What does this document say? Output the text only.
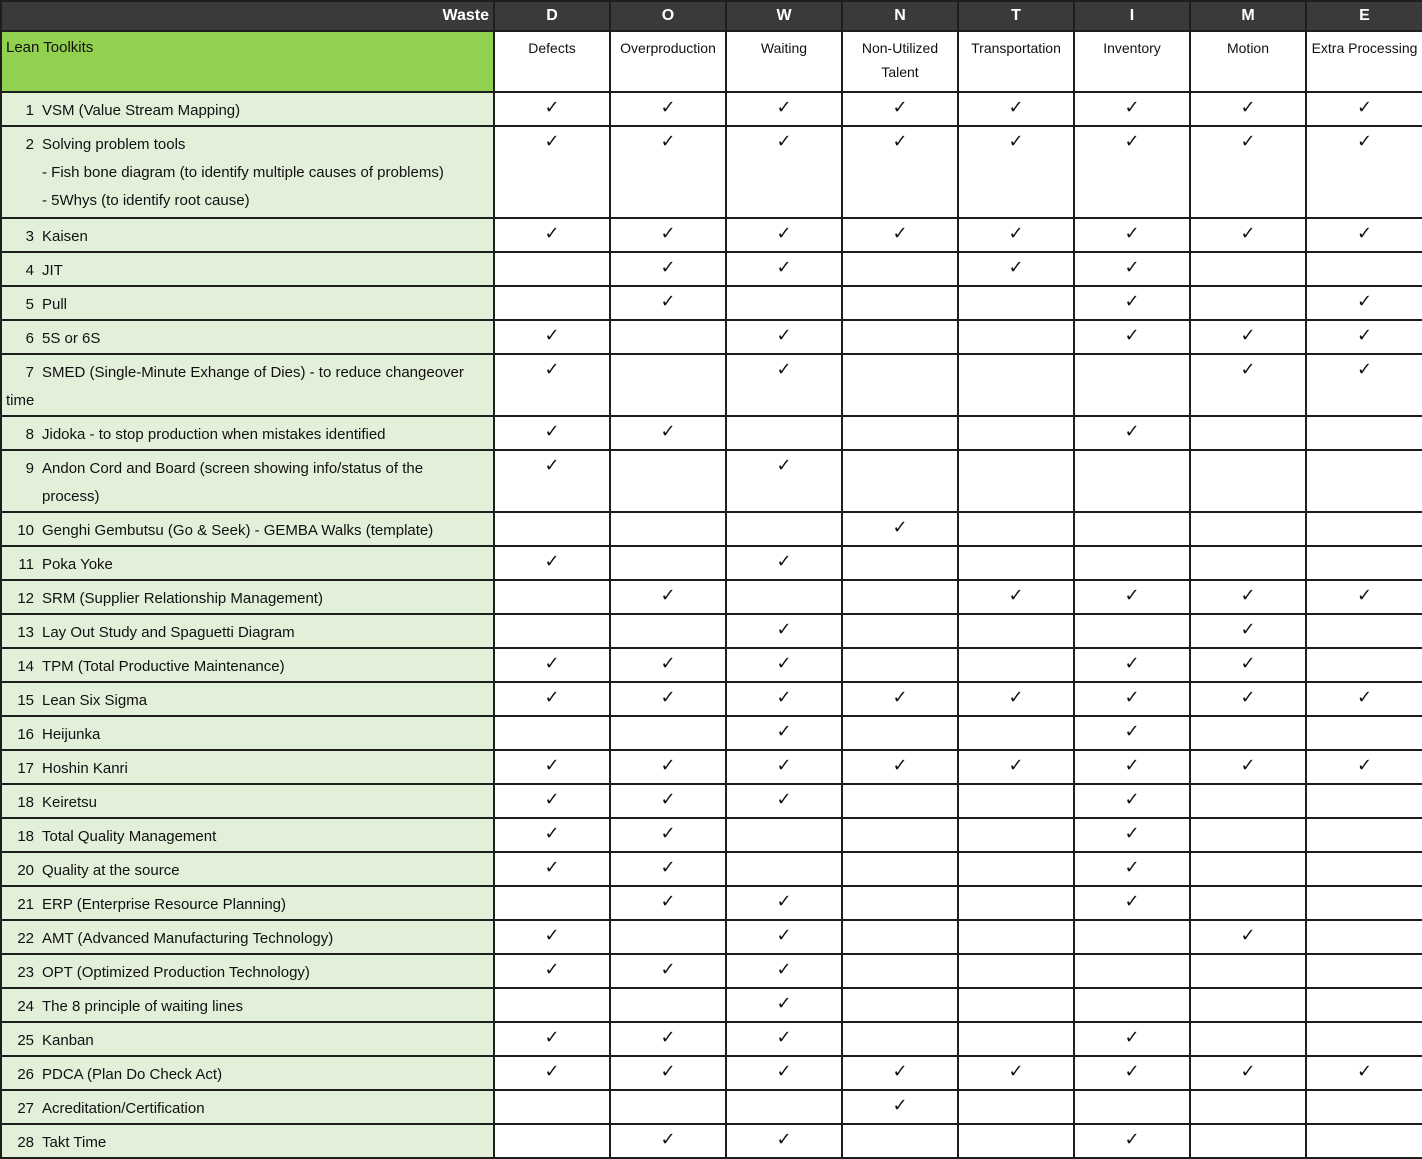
Waste	D	O	W	N	T	I	M	E
Lean Toolkits	Defects	Overproduction	Waiting	Non-Utilized Talent	Transportation	Inventory	Motion	Extra Processing
1 VSM (Value Stream Mapping)	✓	✓	✓	✓	✓	✓	✓	✓
2 Solving problem tools
- Fish bone diagram (to identify multiple causes of problems)
- 5Whys (to identify root cause)	✓	✓	✓	✓	✓	✓	✓	✓
3 Kaisen	✓	✓	✓	✓	✓	✓	✓	✓
4 JIT		✓	✓		✓	✓		
5 Pull		✓				✓		✓
6 5S or 6S	✓		✓			✓	✓	✓
7 SMED (Single-Minute Exhange of Dies) - to reduce changeover time	✓		✓				✓	✓
8 Jidoka - to stop production when mistakes identified	✓	✓				✓		
9 Andon Cord and Board (screen showing info/status of the
process)	✓		✓					
10 Genghi Gembutsu (Go & Seek) - GEMBA Walks (template)				✓				
11 Poka Yoke	✓		✓					
12 SRM (Supplier Relationship Management)		✓			✓	✓	✓	✓
13 Lay Out Study and Spaguetti Diagram			✓				✓	
14 TPM (Total Productive Maintenance)	✓	✓	✓			✓	✓	
15 Lean Six Sigma	✓	✓	✓	✓	✓	✓	✓	✓
16 Heijunka			✓			✓		
17 Hoshin Kanri	✓	✓	✓	✓	✓	✓	✓	✓
18 Keiretsu	✓	✓	✓			✓		
18 Total Quality Management	✓	✓				✓		
20 Quality at the source	✓	✓				✓		
21 ERP (Enterprise Resource Planning)		✓	✓			✓		
22 AMT (Advanced Manufacturing Technology)	✓		✓				✓	
23 OPT (Optimized Production Technology)	✓	✓	✓					
24 The 8 principle of waiting lines			✓					
25 Kanban	✓	✓	✓			✓		
26 PDCA (Plan Do Check Act)	✓	✓	✓	✓	✓	✓	✓	✓
27 Acreditation/Certification				✓				
28 Takt Time		✓	✓			✓		
